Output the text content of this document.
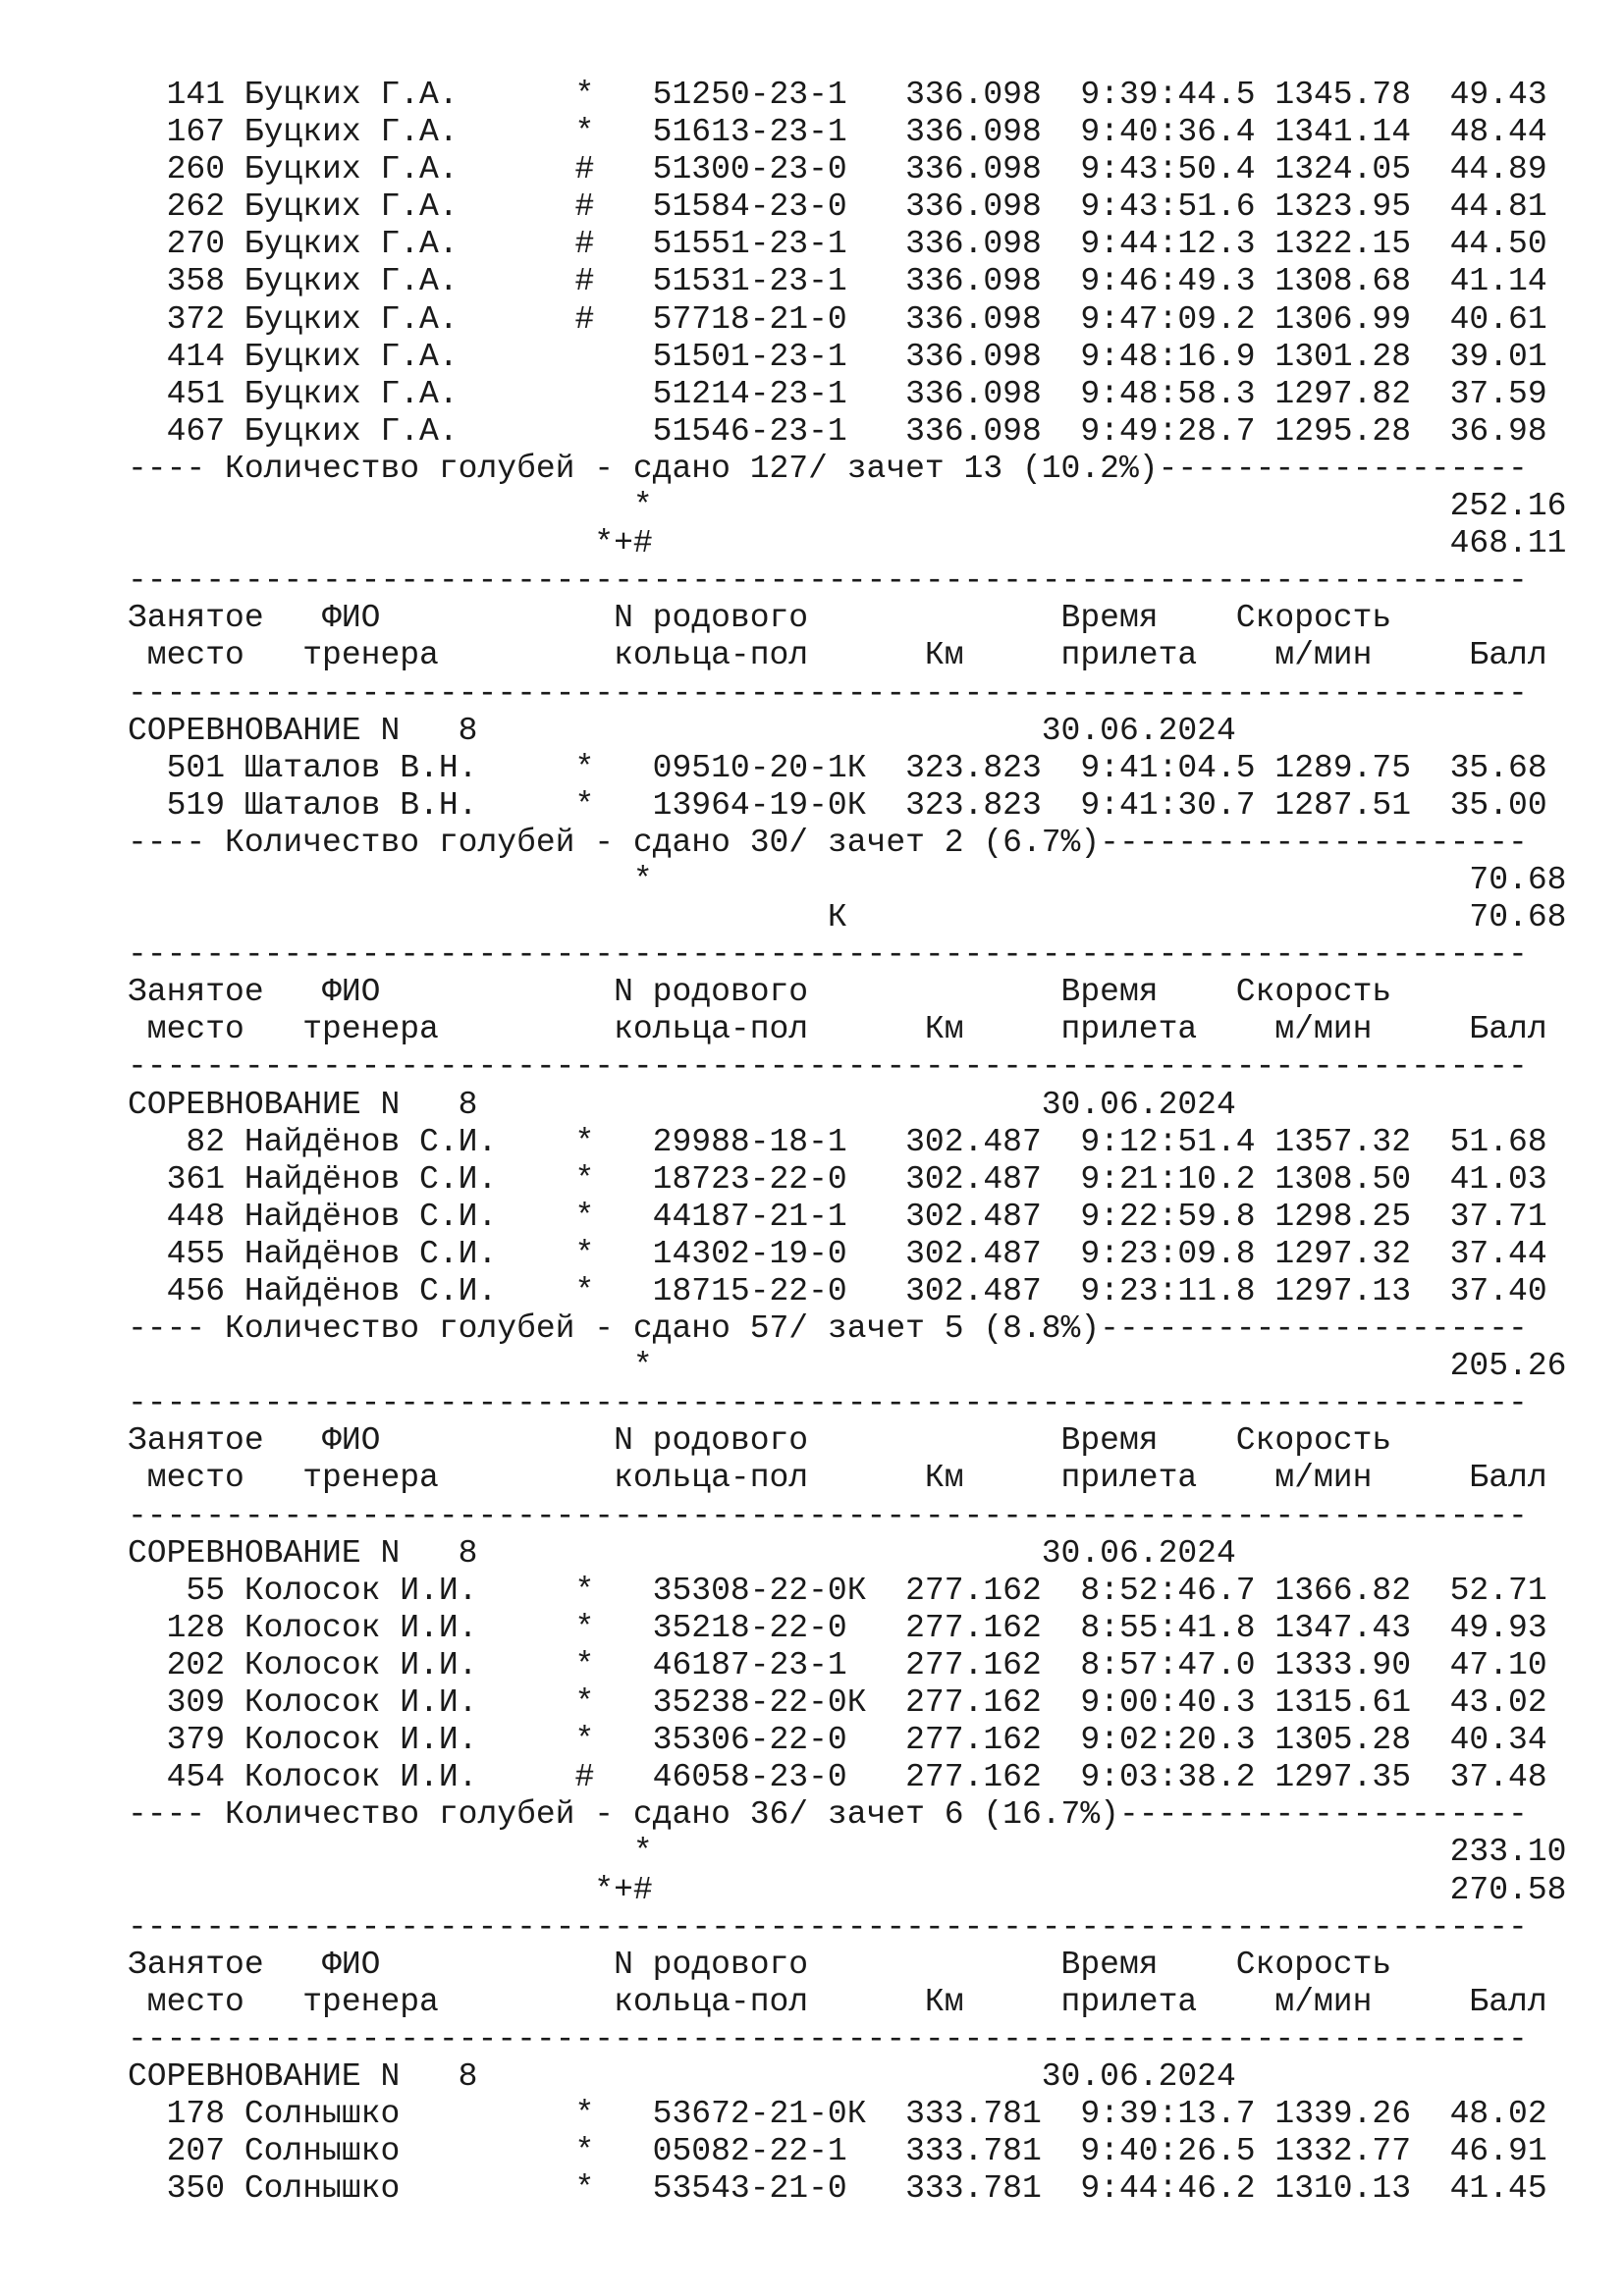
141 Буцких Г.А.      *   51250-23-1   336.098  9:39:44.5 1345.78  49.43
167 Буцких Г.А.      *   51613-23-1   336.098  9:40:36.4 1341.14  48.44
260 Буцких Г.А.      #   51300-23-0   336.098  9:43:50.4 1324.05  44.89
262 Буцких Г.А.      #   51584-23-0   336.098  9:43:51.6 1323.95  44.81
270 Буцких Г.А.      #   51551-23-1   336.098  9:44:12.3 1322.15  44.50
358 Буцких Г.А.      #   51531-23-1   336.098  9:46:49.3 1308.68  41.14
372 Буцких Г.А.      #   57718-21-0   336.098  9:47:09.2 1306.99  40.61
414 Буцких Г.А.          51501-23-1   336.098  9:48:16.9 1301.28  39.01
451 Буцких Г.А.          51214-23-1   336.098  9:48:58.3 1297.82  37.59
467 Буцких Г.А.          51546-23-1   336.098  9:49:28.7 1295.28  36.98
---- Количество голубей - сдано 127/ зачет 13 (10.2%)-------------------
*                                         252.16
*+#                                         468.11
------------------------------------------------------------------------
Занятое   ФИО            N родового             Время    Скорость
место   тренера         кольца-пол      Км     прилета    м/мин     Балл
------------------------------------------------------------------------
СОРЕВНОВАНИЕ N   8                             30.06.2024
501 Шаталов В.Н.     *   09510-20-1К  323.823  9:41:04.5 1289.75  35.68
519 Шаталов В.Н.     *   13964-19-0К  323.823  9:41:30.7 1287.51  35.00
---- Количество голубей - сдано 30/ зачет 2 (6.7%)----------------------
*                                          70.68
К                                70.68
------------------------------------------------------------------------
Занятое   ФИО            N родового             Время    Скорость
место   тренера         кольца-пол      Км     прилета    м/мин     Балл
------------------------------------------------------------------------
СОРЕВНОВАНИЕ N   8                             30.06.2024
82 Найдёнов С.И.    *   29988-18-1   302.487  9:12:51.4 1357.32  51.68
361 Найдёнов С.И.    *   18723-22-0   302.487  9:21:10.2 1308.50  41.03
448 Найдёнов С.И.    *   44187-21-1   302.487  9:22:59.8 1298.25  37.71
455 Найдёнов С.И.    *   14302-19-0   302.487  9:23:09.8 1297.32  37.44
456 Найдёнов С.И.    *   18715-22-0   302.487  9:23:11.8 1297.13  37.40
---- Количество голубей - сдано 57/ зачет 5 (8.8%)----------------------
*                                         205.26
------------------------------------------------------------------------
Занятое   ФИО            N родового             Время    Скорость
место   тренера         кольца-пол      Км     прилета    м/мин     Балл
------------------------------------------------------------------------
СОРЕВНОВАНИЕ N   8                             30.06.2024
55 Колосок И.И.     *   35308-22-0К  277.162  8:52:46.7 1366.82  52.71
128 Колосок И.И.     *   35218-22-0   277.162  8:55:41.8 1347.43  49.93
202 Колосок И.И.     *   46187-23-1   277.162  8:57:47.0 1333.90  47.10
309 Колосок И.И.     *   35238-22-0К  277.162  9:00:40.3 1315.61  43.02
379 Колосок И.И.     *   35306-22-0   277.162  9:02:20.3 1305.28  40.34
454 Колосок И.И.     #   46058-23-0   277.162  9:03:38.2 1297.35  37.48
---- Количество голубей - сдано 36/ зачет 6 (16.7%)---------------------
*                                         233.10
*+#                                         270.58
------------------------------------------------------------------------
Занятое   ФИО            N родового             Время    Скорость
место   тренера         кольца-пол      Км     прилета    м/мин     Балл
------------------------------------------------------------------------
СОРЕВНОВАНИЕ N   8                             30.06.2024
178 Солнышко         *   53672-21-0К  333.781  9:39:13.7 1339.26  48.02
207 Солнышко         *   05082-22-1   333.781  9:40:26.5 1332.77  46.91
350 Солнышко         *   53543-21-0   333.781  9:44:46.2 1310.13  41.45
